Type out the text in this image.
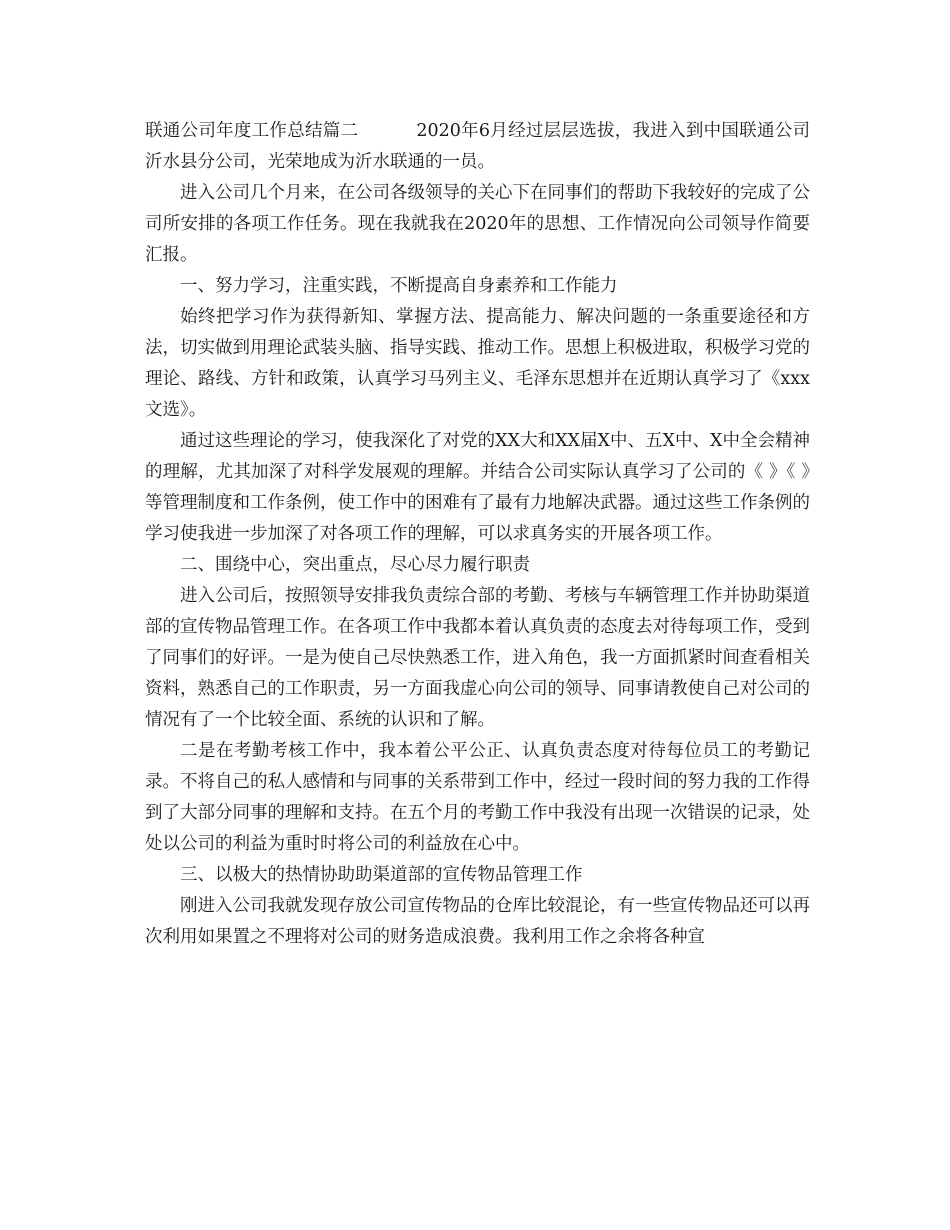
联通公司年度工作总结篇二	2020年6月经过层层选拔，我进入到中国联通公司沂水县分公司，光荣地成为沂水联通的一员。

进入公司几个月来，在公司各级领导的关心下在同事们的帮助下我较好的完成了公司所安排的各项工作任务。现在我就我在2020年的思想、工作情况向公司领导作简要汇报。

一、努力学习，注重实践，不断提高自身素养和工作能力

始终把学习作为获得新知、掌握方法、提高能力、解决问题的一条重要途径和方法，切实做到用理论武装头脑、指导实践、推动工作。思想上积极进取，积极学习党的理论、路线、方针和政策，认真学习马列主义、毛泽东思想并在近期认真学习了《xxx文选》。

通过这些理论的学习，使我深化了对党的XX大和XX届X中、五X中、X中全会精神的理解，尤其加深了对科学发展观的理解。并结合公司实际认真学习了公司的《 》《 》等管理制度和工作条例，使工作中的困难有了最有力地解决武器。通过这些工作条例的学习使我进一步加深了对各项工作的理解，可以求真务实的开展各项工作。

二、围绕中心，突出重点，尽心尽力履行职责

进入公司后，按照领导安排我负责综合部的考勤、考核与车辆管理工作并协助渠道部的宣传物品管理工作。在各项工作中我都本着认真负责的态度去对待每项工作，受到了同事们的好评。一是为使自己尽快熟悉工作，进入角色，我一方面抓紧时间查看相关资料，熟悉自己的工作职责，另一方面我虚心向公司的领导、同事请教使自己对公司的情况有了一个比较全面、系统的认识和了解。

二是在考勤考核工作中，我本着公平公正、认真负责态度对待每位员工的考勤记录。不将自己的私人感情和与同事的关系带到工作中，经过一段时间的努力我的工作得到了大部分同事的理解和支持。在五个月的考勤工作中我没有出现一次错误的记录，处处以公司的利益为重时时将公司的利益放在心中。

三、以极大的热情协助助渠道部的宣传物品管理工作

刚进入公司我就发现存放公司宣传物品的仓库比较混论，有一些宣传物品还可以再次利用如果置之不理将对公司的财务造成浪费。我利用工作之余将各种宣
